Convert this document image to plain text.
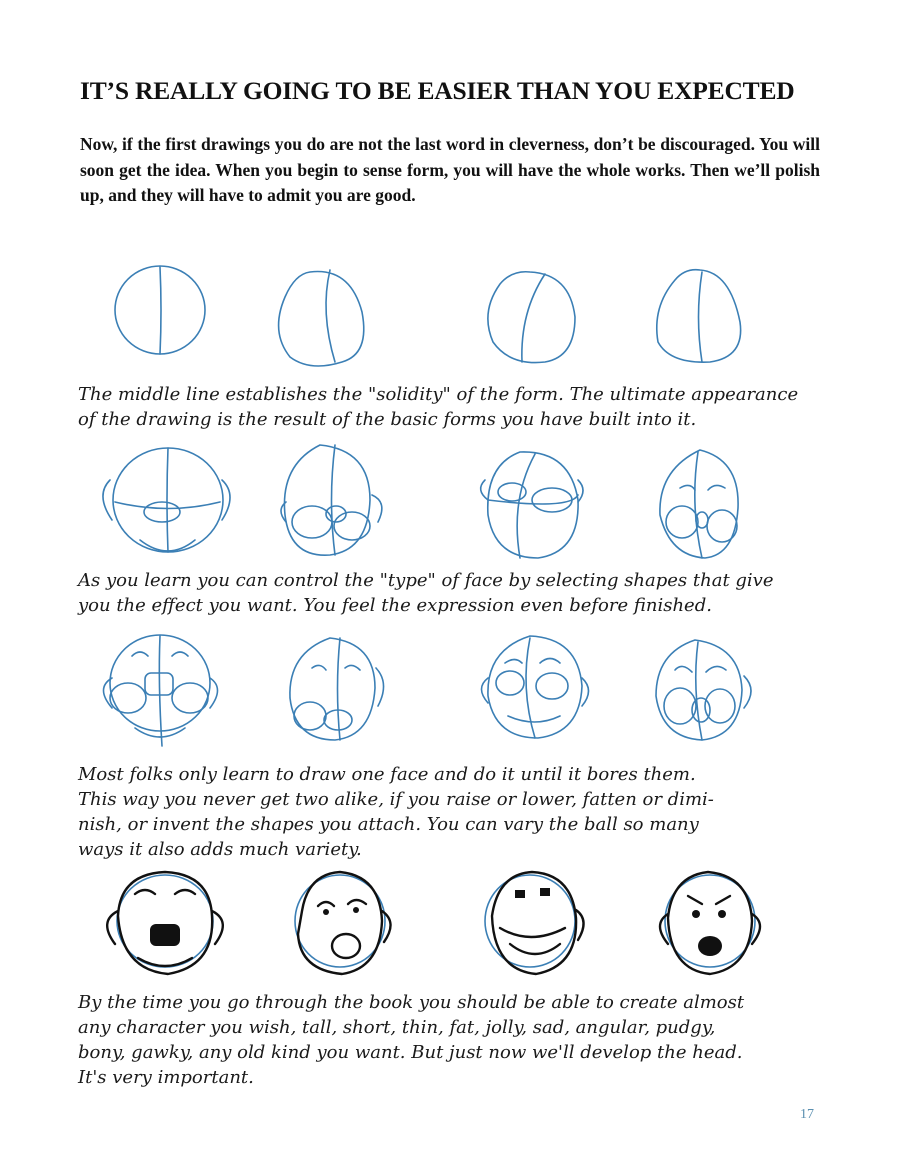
IT’S REALLY GOING TO BE EASIER THAN YOU EXPECTED
Now, if the first drawings you do are not the last word in cleverness, don’t be discouraged. You will soon get the idea. When you begin to sense form, you will have the whole works. Then we’ll polish up, and they will have to admit you are good.
The middle line establishes the "solidity" of the form. The ultimate appearance
of the drawing is the result of the basic forms you have built into it.
As you learn you can control the "type" of face by selecting shapes that give
you the effect you want. You feel the expression even before finished.
Most folks only learn to draw one face and do it until it bores them.
This way you never get two alike, if you raise or lower, fatten or dimi-
nish, or invent the shapes you attach. You can vary the ball so many
ways it also adds much variety.
By the time you go through the book you should be able to create almost
any character you wish, tall, short, thin, fat, jolly, sad, angular, pudgy,
bony, gawky, any old kind you want. But just now we'll develop the head.
It's very important.
17
